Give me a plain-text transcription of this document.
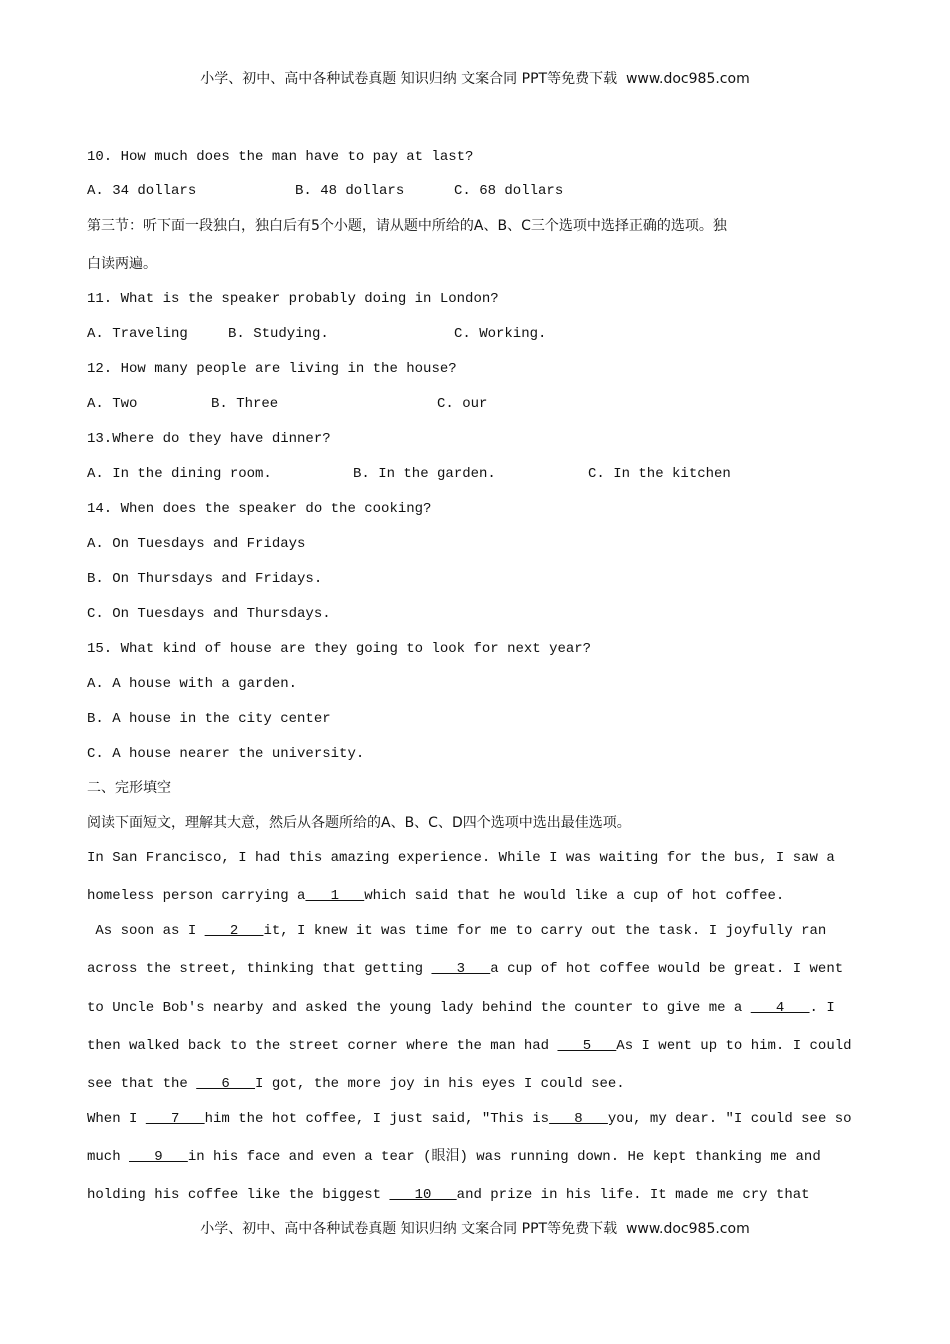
小学、初中、高中各种试卷真题 知识归纳 文案合同 PPT等免费下载  www.doc985.com
10. How much does the man have to pay at last?
A. 34 dollars	B. 48 dollars	C. 68 dollars
第三节：听下面一段独白，独白后有5个小题，请从题中所给的A、B、C三个选项中选择正确的选项。独
白读两遍。
11. What is the speaker probably doing in London?
A. Traveling	B. Studying.	C. Working.
12. How many people are living in the house?
A. Two	B. Three	C. our
13.Where do they have dinner?
A. In the dining room.	B. In the garden.	C. In the kitchen
14. When does the speaker do the cooking?
A. On Tuesdays and Fridays
B. On Thursdays and Fridays.
C. On Tuesdays and Thursdays.
15. What kind of house are they going to look for next year?
A. A house with a garden.
B. A house in the city center
C. A house nearer the university.
二、完形填空
阅读下面短文，理解其大意，然后从各题所给的A、B、C、D四个选项中选出最佳选项。
In San Francisco, I had this amazing experience. While I was waiting for the bus, I saw a
homeless person carrying a   1   which said that he would like a cup of hot coffee.
As soon as I    2   it, I knew it was time for me to carry out the task. I joyfully ran
across the street, thinking that getting    3   a cup of hot coffee would be great. I went
to Uncle Bob's nearby and asked the young lady behind the counter to give me a    4   . I
then walked back to the street corner where the man had    5   As I went up to him. I could
see that the    6   I got, the more joy in his eyes I could see.
When I    7   him the hot coffee, I just said, "This is   8   you, my dear. "I could see so
much    9   in his face and even a tear (眼泪) was running down. He kept thanking me and
holding his coffee like the biggest    10   and prize in his life. It made me cry that
小学、初中、高中各种试卷真题 知识归纳 文案合同 PPT等免费下载  www.doc985.com
